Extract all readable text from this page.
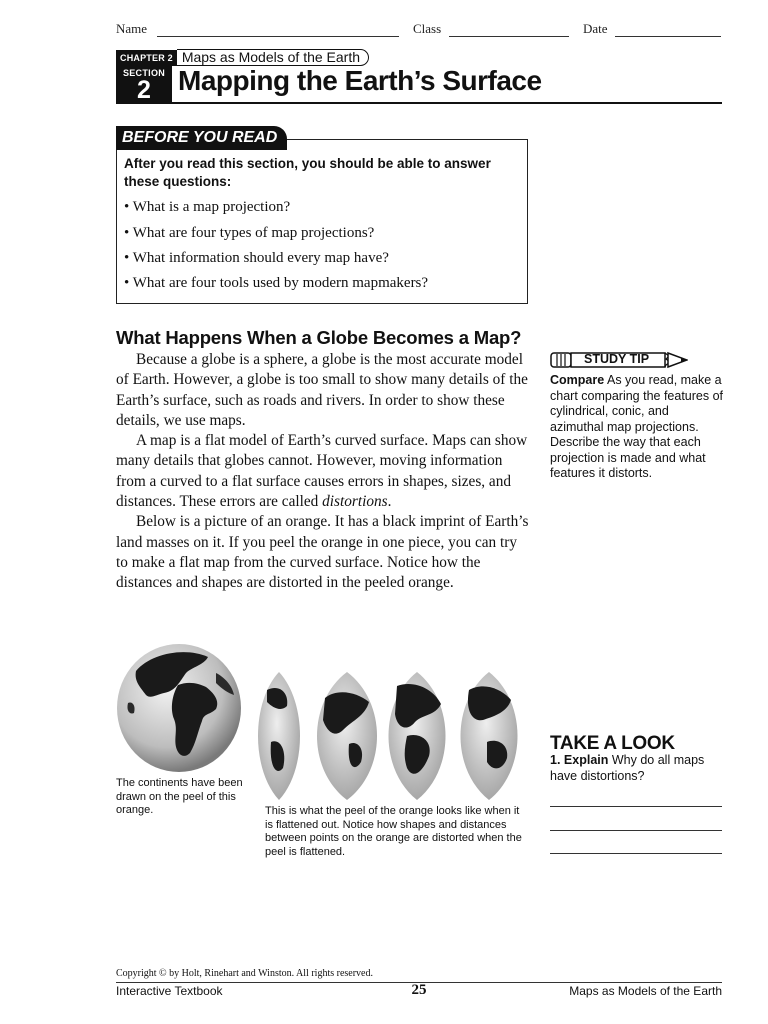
Name	Class	Date
CHAPTER 2 Maps as Models of the Earth
SECTION
2 Mapping the Earth’s Surface
BEFORE YOU READ
After you read this section, you should be able to answer these questions:
• What is a map projection?
• What are four types of map projections?
• What information should every map have?
• What are four tools used by modern mapmakers?
What Happens When a Globe Becomes a Map?

Because a globe is a sphere, a globe is the most accurate model of Earth. However, a globe is too small to show many details of the Earth’s surface, such as roads and rivers. In order to show these details, we use maps.

A map is a flat model of Earth’s curved surface. Maps can show many details that globes cannot. However, moving information from a curved to a flat surface causes errors in shapes, sizes, and distances. These errors are called distortions.

Below is a picture of an orange. It has a black imprint of Earth’s land masses on it. If you peel the orange in one piece, you can try to make a flat map from the curved surface. Notice how the distances and shapes are distorted in the peeled orange.

STUDY TIP
Compare As you read, make a chart comparing the features of cylindrical, conic, and azimuthal map projections. Describe the way that each projection is made and what features it distorts.
The continents have been drawn on the peel of this orange.	This is what the peel of the orange looks like when it is flattened out. Notice how shapes and distances between points on the orange are distorted when the peel is flattened.
TAKE A LOOK
1. Explain Why do all maps have distortions?
Copyright © by Holt, Rinehart and Winston. All rights reserved.
Interactive Textbook	25	Maps as Models of the Earth
